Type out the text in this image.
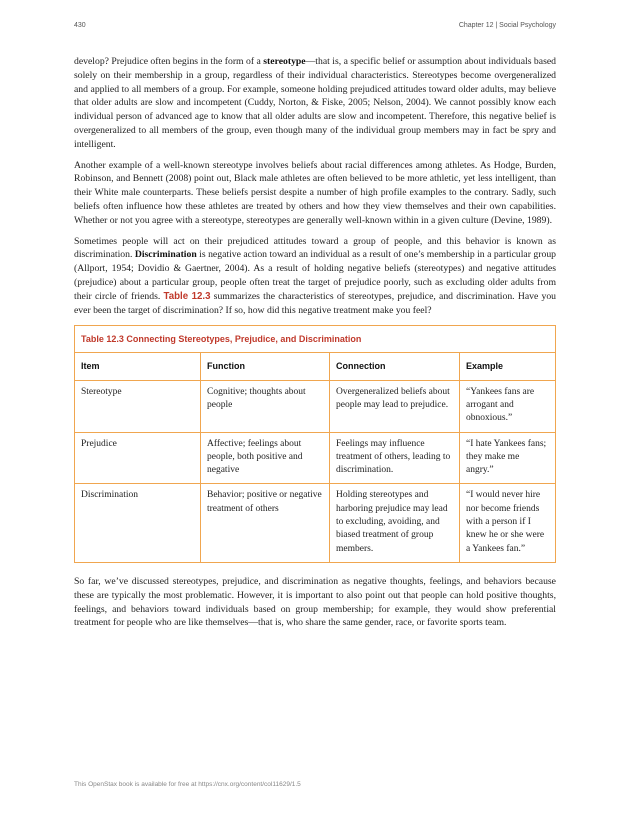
430	Chapter 12 | Social Psychology

develop? Prejudice often begins in the form of a stereotype—that is, a specific belief or assumption about individuals based solely on their membership in a group, regardless of their individual characteristics. Stereotypes become overgeneralized and applied to all members of a group. For example, someone holding prejudiced attitudes toward older adults, may believe that older adults are slow and incompetent (Cuddy, Norton, & Fiske, 2005; Nelson, 2004). We cannot possibly know each individual person of advanced age to know that all older adults are slow and incompetent. Therefore, this negative belief is overgeneralized to all members of the group, even though many of the individual group members may in fact be spry and intelligent.

Another example of a well-known stereotype involves beliefs about racial differences among athletes. As Hodge, Burden, Robinson, and Bennett (2008) point out, Black male athletes are often believed to be more athletic, yet less intelligent, than their White male counterparts. These beliefs persist despite a number of high profile examples to the contrary. Sadly, such beliefs often influence how these athletes are treated by others and how they view themselves and their own capabilities. Whether or not you agree with a stereotype, stereotypes are generally well-known within in a given culture (Devine, 1989).

Sometimes people will act on their prejudiced attitudes toward a group of people, and this behavior is known as discrimination. Discrimination is negative action toward an individual as a result of one’s membership in a particular group (Allport, 1954; Dovidio & Gaertner, 2004). As a result of holding negative beliefs (stereotypes) and negative attitudes (prejudice) about a particular group, people often treat the target of prejudice poorly, such as excluding older adults from their circle of friends. Table 12.3 summarizes the characteristics of stereotypes, prejudice, and discrimination. Have you ever been the target of discrimination? If so, how did this negative treatment make you feel?

Table 12.3 Connecting Stereotypes, Prejudice, and Discrimination
Item	Function	Connection	Example
Stereotype	Cognitive; thoughts about people	Overgeneralized beliefs about people may lead to prejudice.	“Yankees fans are arrogant and obnoxious.”
Prejudice	Affective; feelings about people, both positive and negative	Feelings may influence treatment of others, leading to discrimination.	“I hate Yankees fans; they make me angry.”
Discrimination	Behavior; positive or negative treatment of others	Holding stereotypes and harboring prejudice may lead to excluding, avoiding, and biased treatment of group members.	“I would never hire nor become friends with a person if I knew he or she were a Yankees fan.”

So far, we’ve discussed stereotypes, prejudice, and discrimination as negative thoughts, feelings, and behaviors because these are typically the most problematic. However, it is important to also point out that people can hold positive thoughts, feelings, and behaviors toward individuals based on group membership; for example, they would show preferential treatment for people who are like themselves—that is, who share the same gender, race, or favorite sports team.

This OpenStax book is available for free at https://cnx.org/content/col11629/1.5
